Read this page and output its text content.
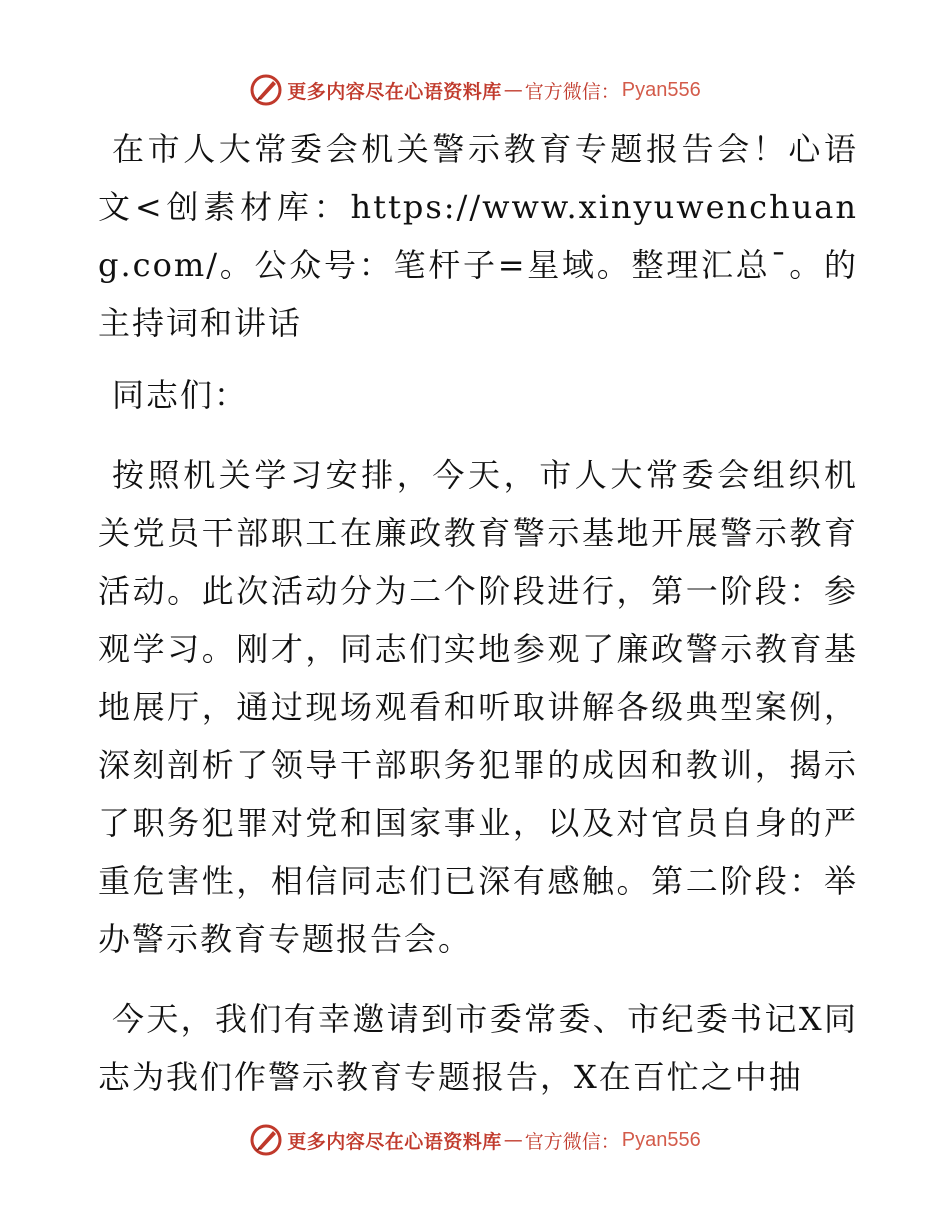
更多内容尽在心语资料库 — 官方微信： Pyan556

在市人大常委会机关警示教育专题报告会！心语文<创素材库：https://www.xinyuwenchuang.com/。公众号：笔杆子=星域。整理汇总¯。的主持词和讲话

同志们：

按照机关学习安排，今天，市人大常委会组织机关党员干部职工在廉政教育警示基地开展警示教育活动。此次活动分为二个阶段进行，第一阶段：参观学习。刚才，同志们实地参观了廉政警示教育基地展厅，通过现场观看和听取讲解各级典型案例，深刻剖析了领导干部职务犯罪的成因和教训，揭示了职务犯罪对党和国家事业，以及对官员自身的严重危害性，相信同志们已深有感触。第二阶段：举办警示教育专题报告会。

今天，我们有幸邀请到市委常委、市纪委书记X同志为我们作警示教育专题报告，X在百忙之中抽

更多内容尽在心语资料库 — 官方微信： Pyan556
